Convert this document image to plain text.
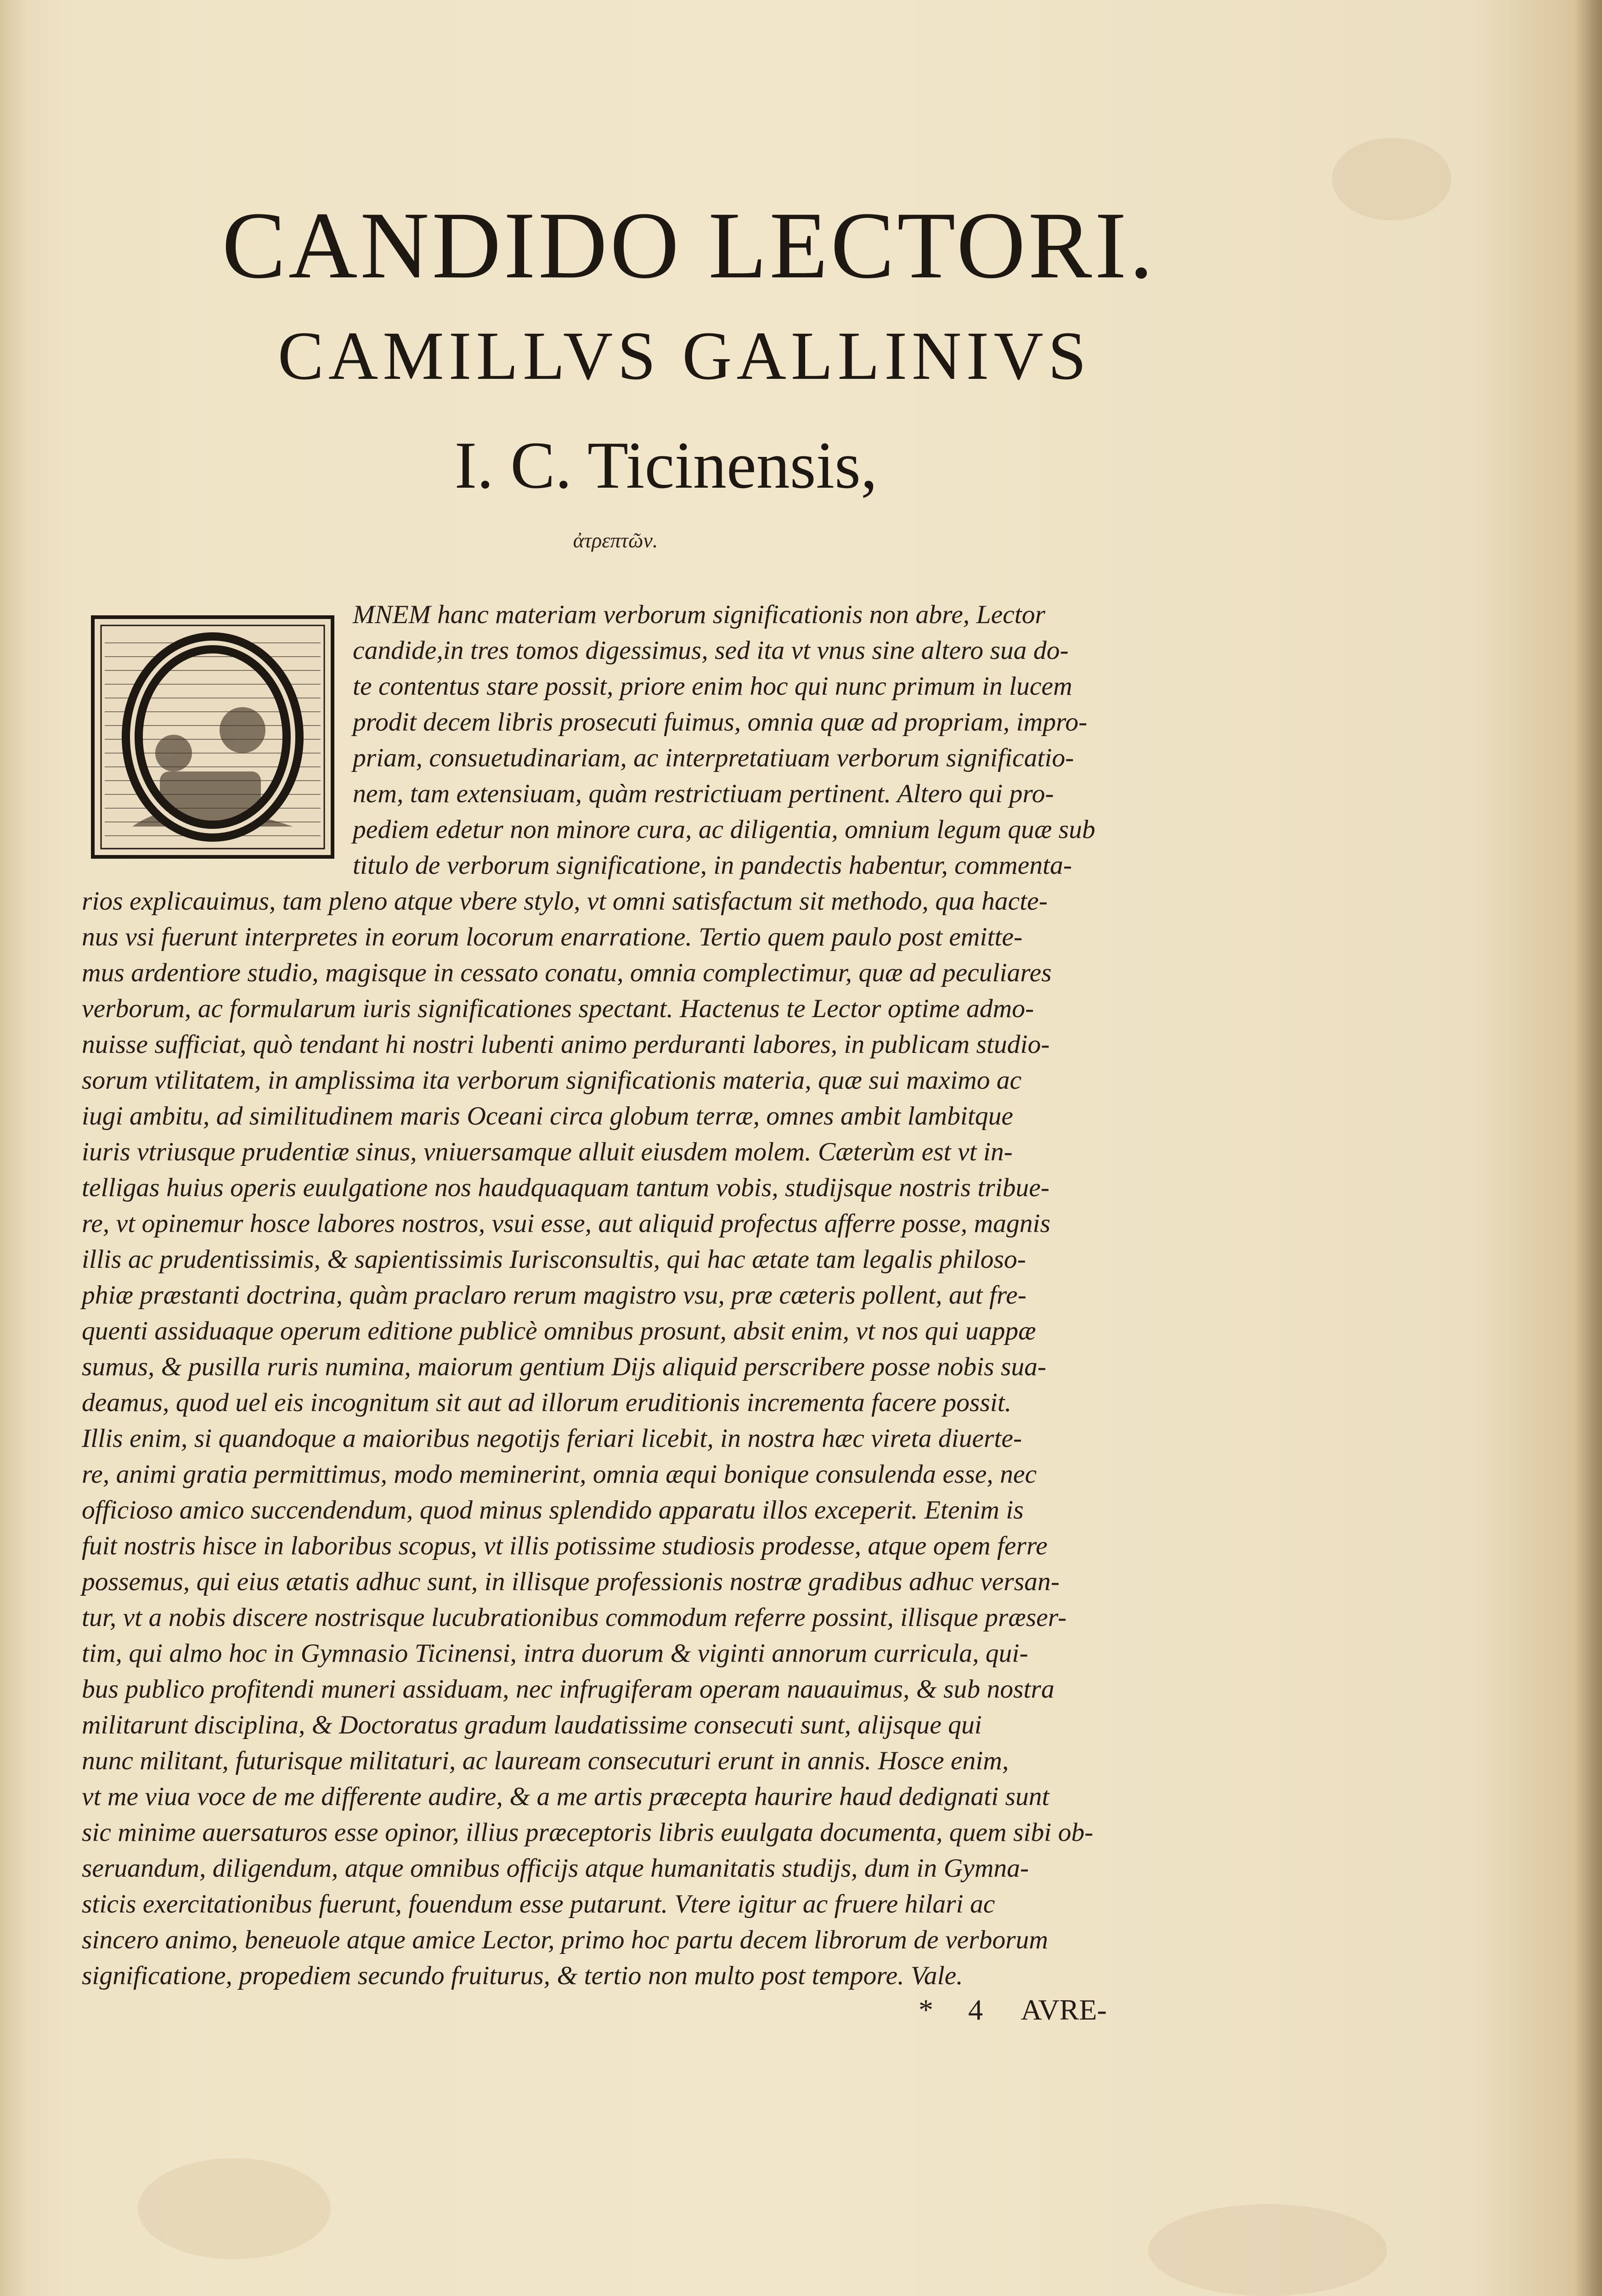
CANDIDO LECTORI.
CAMILLVS GALLINIVS
I. C. Ticinensis,
ἀτρεπτῶν.
MNEM hanc materiam verborum significationis non abre, Lector
candide,in tres tomos digessimus, sed ita vt vnus sine altero sua do-
te contentus stare possit, priore enim hoc qui nunc primum in lucem
prodit decem libris prosecuti fuimus, omnia quæ ad propriam, impro-
priam, consuetudinariam, ac interpretatiuam verborum significatio-
nem, tam extensiuam, quàm restrictiuam pertinent. Altero qui pro-
pediem edetur non minore cura, ac diligentia, omnium legum quæ sub
titulo de verborum significatione, in pandectis habentur, commenta-
rios explicauimus, tam pleno atque vbere stylo, vt omni satisfactum sit methodo, qua hacte-
nus vsi fuerunt interpretes in eorum locorum enarratione. Tertio quem paulo post emitte-
mus ardentiore studio, magisque in cessato conatu, omnia complectimur, quæ ad peculiares
verborum, ac formularum iuris significationes spectant. Hactenus te Lector optime admo-
nuisse sufficiat, quò tendant hi nostri lubenti animo perduranti labores, in publicam studio-
sorum vtilitatem, in amplissima ita verborum significationis materia, quæ sui maximo ac
iugi ambitu, ad similitudinem maris Oceani circa globum terræ, omnes ambit lambitque
iuris vtriusque prudentiæ sinus, vniuersamque alluit eiusdem molem. Cæterùm est vt in-
telligas huius operis euulgatione nos haudquaquam tantum vobis, studijsque nostris tribue-
re, vt opinemur hosce labores nostros, vsui esse, aut aliquid profectus afferre posse, magnis
illis ac prudentissimis, & sapientissimis Iurisconsultis, qui hac ætate tam legalis philoso-
phiæ præstanti doctrina, quàm praclaro rerum magistro vsu, præ cæteris pollent, aut fre-
quenti assiduaque operum editione publicè omnibus prosunt, absit enim, vt nos qui uappæ
sumus, & pusilla ruris numina, maiorum gentium Dijs aliquid perscribere posse nobis sua-
deamus, quod uel eis incognitum sit aut ad illorum eruditionis incrementa facere possit.
Illis enim, si quandoque a maioribus negotijs feriari licebit, in nostra hæc vireta diuerte-
re, animi gratia permittimus, modo meminerint, omnia æqui bonique consulenda esse, nec
officioso amico succendendum, quod minus splendido apparatu illos exceperit. Etenim is
fuit nostris hisce in laboribus scopus, vt illis potissime studiosis prodesse, atque opem ferre
possemus, qui eius ætatis adhuc sunt, in illisque professionis nostræ gradibus adhuc versan-
tur, vt a nobis discere nostrisque lucubrationibus commodum referre possint, illisque præser-
tim, qui almo hoc in Gymnasio Ticinensi, intra duorum & viginti annorum curricula, qui-
bus publico profitendi muneri assiduam, nec infrugiferam operam nauauimus, & sub nostra
militarunt disciplina, & Doctoratus gradum laudatissime consecuti sunt, alijsque qui
nunc militant, futurisque militaturi, ac lauream consecuturi erunt in annis. Hosce enim,
vt me viua voce de me differente audire, & a me artis præcepta haurire haud dedignati sunt
sic minime auersaturos esse opinor, illius præceptoris libris euulgata documenta, quem sibi ob-
seruandum, diligendum, atque omnibus officijs atque humanitatis studijs, dum in Gymna-
sticis exercitationibus fuerunt, fouendum esse putarunt. Vtere igitur ac fruere hilari ac
sincero animo, beneuole atque amice Lector, primo hoc partu decem librorum de verborum
significatione, propediem secundo fruiturus, & tertio non multo post tempore. Vale.

* 4 AVRE-
